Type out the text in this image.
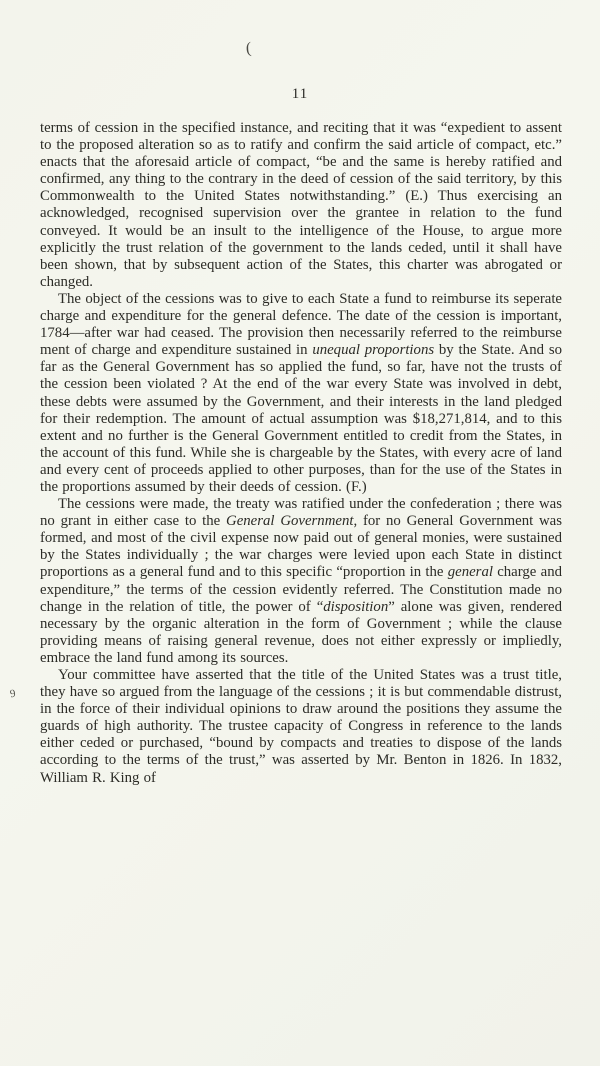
(
11
9

terms of cession in the specified instance, and reciting that it was “expedient to assent to the proposed alteration so as to ratify and confirm the said article of compact, etc.” enacts that the aforesaid article of compact, “be and the same is hereby ratified and confirmed, any thing to the contrary in the deed of cession of the said territory, by this Commonwealth to the United States notwithstanding.” (E.) Thus exercising an acknowledged, recognised supervision over the grantee in relation to the fund conveyed. It would be an insult to the intelligence of the House, to argue more explicitly the trust relation of the government to the lands ceded, until it shall have been shown, that by subsequent action of the States, this charter was abrogated or changed.

The object of the cessions was to give to each State a fund to reimburse its seperate charge and expenditure for the general defence. The date of the cession is important, 1784—after war had ceased. The provision then necessarily referred to the reimburse ment of charge and expenditure sustained in unequal proportions by the State. And so far as the General Government has so applied the fund, so far, have not the trusts of the cession been violated ? At the end of the war every State was involved in debt, these debts were assumed by the Government, and their interests in the land pledged for their redemption. The amount of actual assumption was $18,271,814, and to this extent and no further is the General Government entitled to credit from the States, in the account of this fund. While she is chargeable by the States, with every acre of land and every cent of proceeds applied to other purposes, than for the use of the States in the proportions assumed by their deeds of cession. (F.)

The cessions were made, the treaty was ratified under the confederation ; there was no grant in either case to the General Government, for no General Government was formed, and most of the civil expense now paid out of general monies, were sustained by the States individually ; the war charges were levied upon each State in distinct proportions as a general fund and to this specific “proportion in the general charge and expenditure,” the terms of the cession evidently referred. The Constitution made no change in the relation of title, the power of “disposition” alone was given, rendered necessary by the organic alteration in the form of Government ; while the clause providing means of raising general revenue, does not either expressly or impliedly, embrace the land fund among its sources.

Your committee have asserted that the title of the United States was a trust title, they have so argued from the language of the cessions ; it is but commendable distrust, in the force of their individual opinions to draw around the positions they assume the guards of high authority. The trustee capacity of Congress in reference to the lands either ceded or purchased, “bound by compacts and treaties to dispose of the lands according to the terms of the trust,” was asserted by Mr. Benton in 1826. In 1832, William R. King of
